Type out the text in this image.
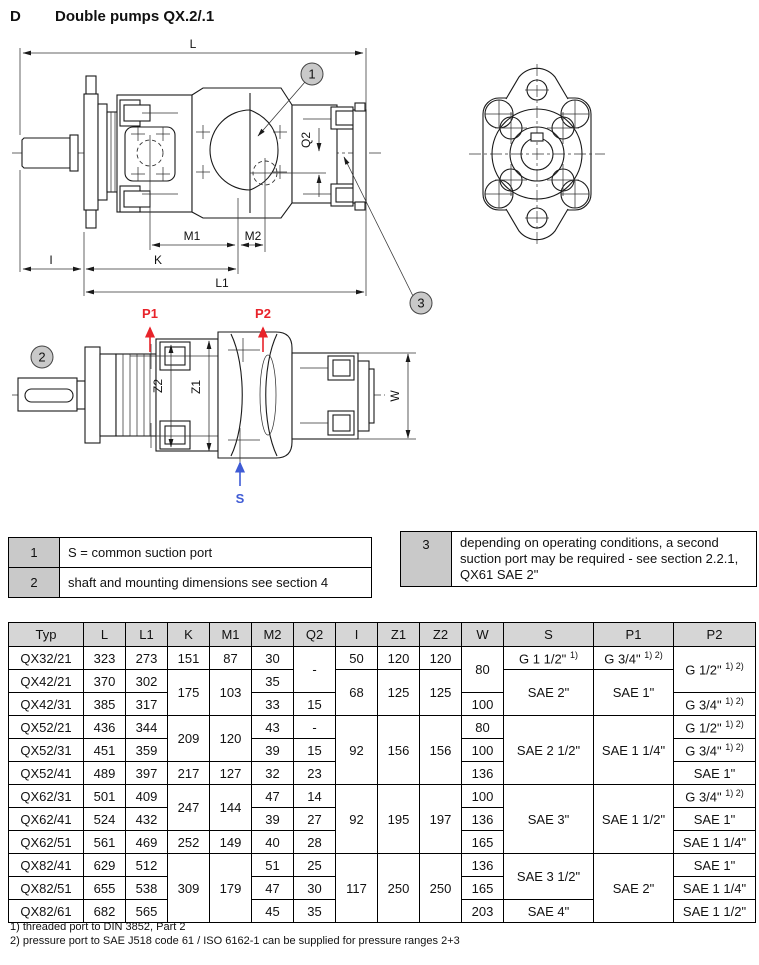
D Double pumps QX.2/.1
L
L1
K
I
M1	M2
Q2
1
3
Z2 Z1
W
P1	P2
S
2
1	S = common suction port
2	shaft and mounting dimensions see section 4
3	depending on operating conditions, a second suction port may be required - see section 2.2.1, QX61 SAE 2"
Typ	L	L1	K	M1	M2	Q2	I	Z1	Z2	W	S	P1	P2
QX32/21	323	273	151	87	30	-	50	120	120	80	G 1 1/2" $^{1)}$	G 3/4" $^{1) 2)}$	G 1/2" $^{1) 2)}$
QX42/21	370	302	175	103	35		68	125	125		SAE 2"	SAE 1"	
QX42/31	385	317			33	15				100			G 3/4" $^{1) 2)}$
QX52/21	436	344	209	120	43	-	92	156	156	80	SAE 2 1/2"	SAE 1 1/4"	G 1/2" $^{1) 2)}$
QX52/31	451	359			39	15				100			G 3/4" $^{1) 2)}$
QX52/41	489	397	217	127	32	23				136			SAE 1"
QX62/31	501	409	247	144	47	14	92	195	197	100	SAE 3"	SAE 1 1/2"	G 3/4" $^{1) 2)}$
QX62/41	524	432			39	27				136			SAE 1"
QX62/51	561	469	252	149	40	28				165			SAE 1 1/4"
QX82/41	629	512	309	179	51	25	117	250	250	136	SAE 3 1/2"	SAE 2"	SAE 1"
QX82/51	655	538			47	30				165			SAE 1 1/4"
QX82/61	682	565			45	35				203	SAE 4"		SAE 1 1/2"
1) threaded port to DIN 3852, Part 2
2) pressure port to SAE J518 code 61 / ISO 6162-1 can be supplied for pressure ranges 2+3
